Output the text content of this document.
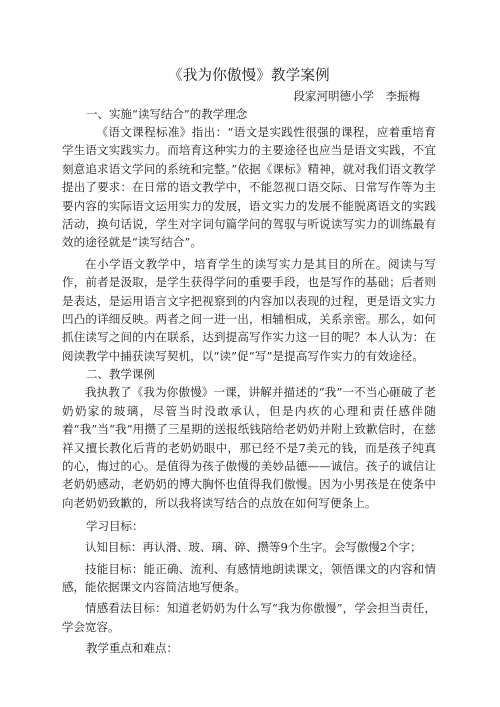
《我为你傲慢》教学案例
段家河明德小学　李振梅
一、实施“读写结合”的教学理念

《语文课程标准》指出：“语文是实践性很强的课程，应着重培育学生语文实践实力。而培育这种实力的主要途径也应当是语文实践，不宜刻意追求语文学问的系统和完整。”依据《课标》精神，就对我们语文教学提出了要求：在日常的语文教学中，不能忽视口语交际、日常写作等为主要内容的实际语文运用实力的发展，语文实力的发展不能脱离语文的实践活动，换句话说，学生对字词句篇学问的驾驭与听说读写实力的训练最有效的途径就是“读写结合”。

在小学语文教学中，培育学生的读写实力是其目的所在。阅读与写作，前者是汲取，是学生获得学问的重要手段，也是写作的基础；后者则是表达，是运用语言文字把视察到的内容加以表现的过程，更是语文实力凹凸的详细反映。两者之间一进一出，相辅相成，关系亲密。那么，如何抓住读写之间的内在联系，达到提高写作实力这一目的呢？本人认为：在阅读教学中捕获读写契机，以“读”促“写”是提高写作实力的有效途径。

二、教学课例

我执教了《我为你傲慢》一课，讲解并描述的“我”一不当心砸破了老奶奶家的玻璃，尽管当时没敢承认，但是内疚的心理和责任感伴随着“我”当“我”用攒了三星期的送报纸钱陪给老奶奶并附上致歉信时，在慈祥又擅长教化后背的老奶奶眼中，那已经不是7美元的钱，而是孩子纯真的心，悔过的心。是值得为孩子傲慢的美妙品德——诚信。孩子的诚信让老奶奶感动，老奶奶的博大胸怀也值得我们傲慢。因为小男孩是在使条中向老奶奶致歉的，所以我将读写结合的点放在如何写便条上。

学习目标：

认知目标：再认滑、玻、璃、碎、攒等9个生字。会写傲慢2个字；

技能目标：能正确、流利、有感情地朗读课文，领悟课文的内容和情感，能依据课文内容简洁地写便条。

情感看法目标：知道老奶奶为什么写“我为你傲慢”，学会担当责任，学会宽容。

教学重点和难点：
